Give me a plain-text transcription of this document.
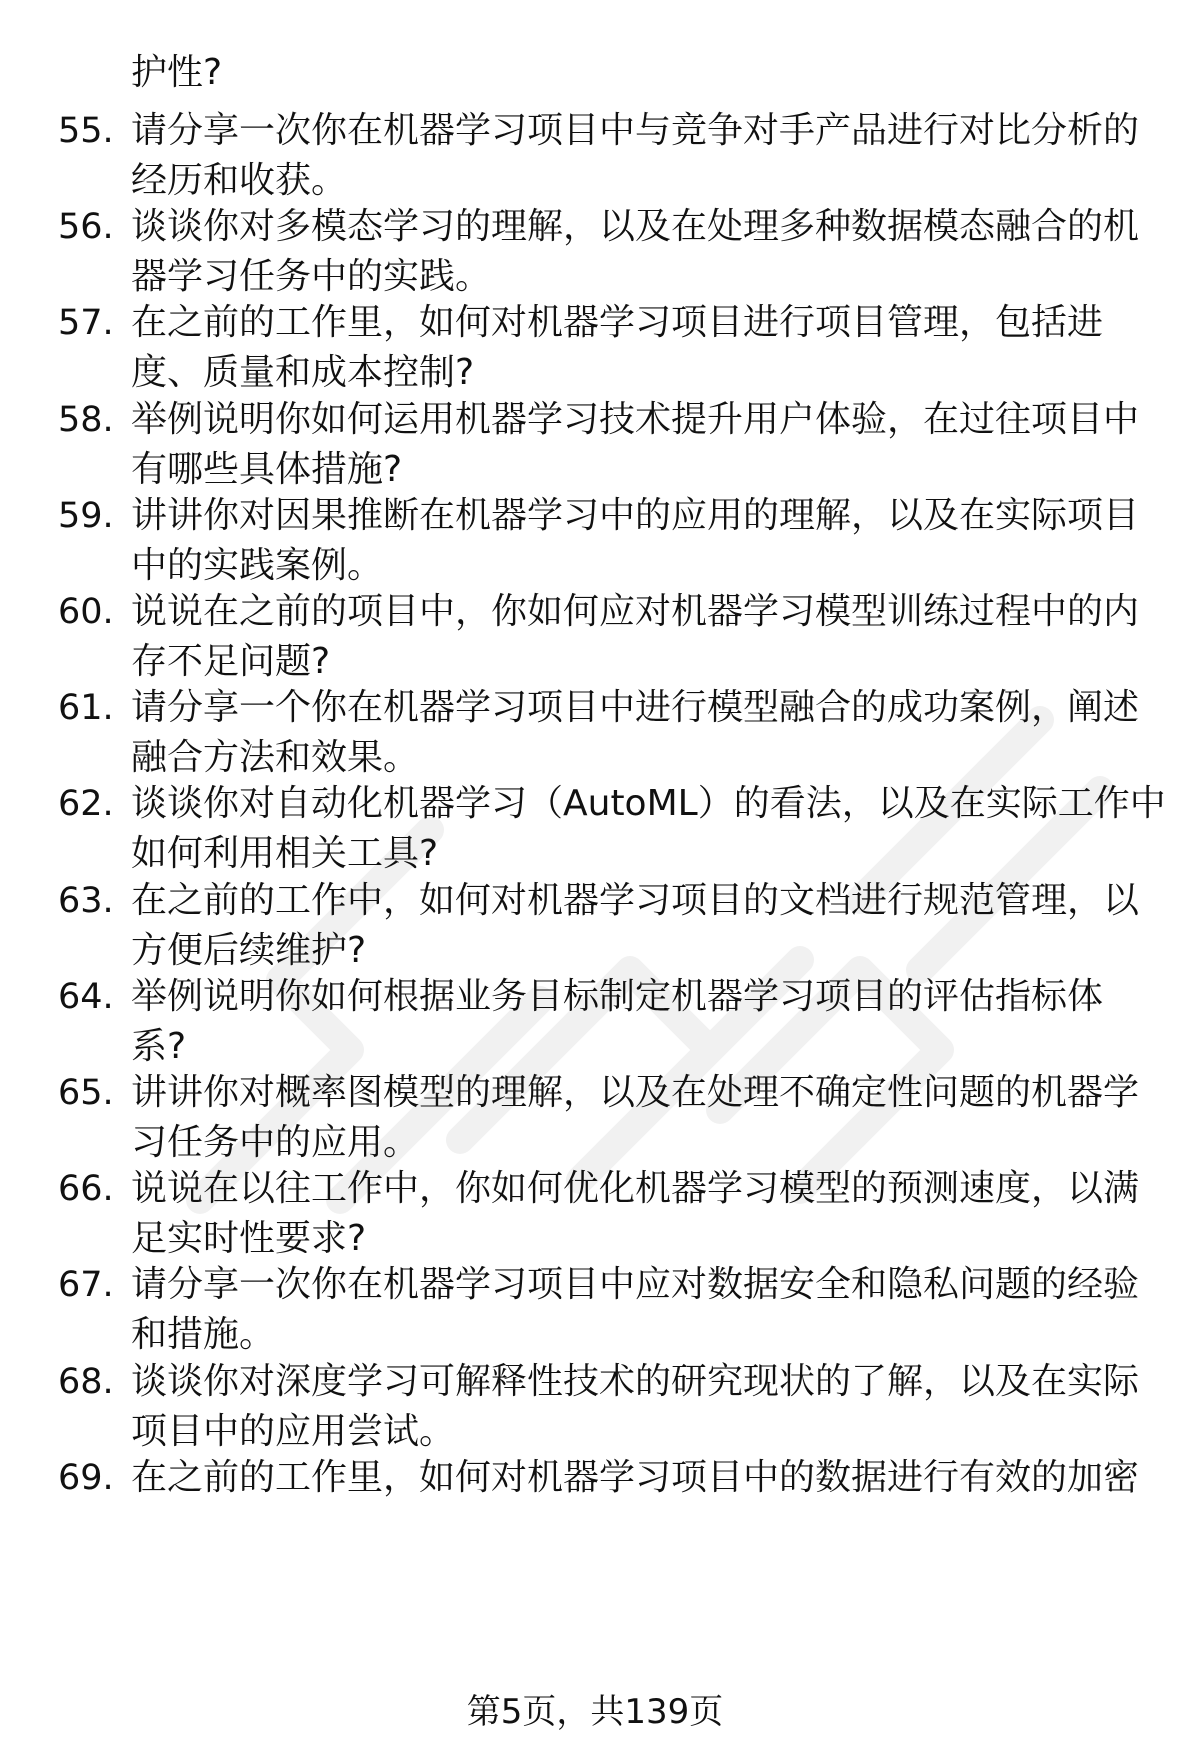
护性?
55. 请分享一次你在机器学习项目中与竞争对手产品进行对比分析的
经历和收获。
56. 谈谈你对多模态学习的理解，以及在处理多种数据模态融合的机
器学习任务中的实践。
57. 在之前的工作里，如何对机器学习项目进行项目管理，包括进
度、质量和成本控制?
58. 举例说明你如何运用机器学习技术提升用户体验，在过往项目中
有哪些具体措施?
59. 讲讲你对因果推断在机器学习中的应用的理解，以及在实际项目
中的实践案例。
60. 说说在之前的项目中，你如何应对机器学习模型训练过程中的内
存不足问题?
61. 请分享一个你在机器学习项目中进行模型融合的成功案例，阐述
融合方法和效果。
62. 谈谈你对自动化机器学习（AutoML）的看法，以及在实际工作中
如何利用相关工具?
63. 在之前的工作中，如何对机器学习项目的文档进行规范管理，以
方便后续维护?
64. 举例说明你如何根据业务目标制定机器学习项目的评估指标体
系?
65. 讲讲你对概率图模型的理解，以及在处理不确定性问题的机器学
习任务中的应用。
66. 说说在以往工作中，你如何优化机器学习模型的预测速度，以满
足实时性要求?
67. 请分享一次你在机器学习项目中应对数据安全和隐私问题的经验
和措施。
68. 谈谈你对深度学习可解释性技术的研究现状的了解，以及在实际
项目中的应用尝试。
69. 在之前的工作里，如何对机器学习项目中的数据进行有效的加密
第5页，共139页
